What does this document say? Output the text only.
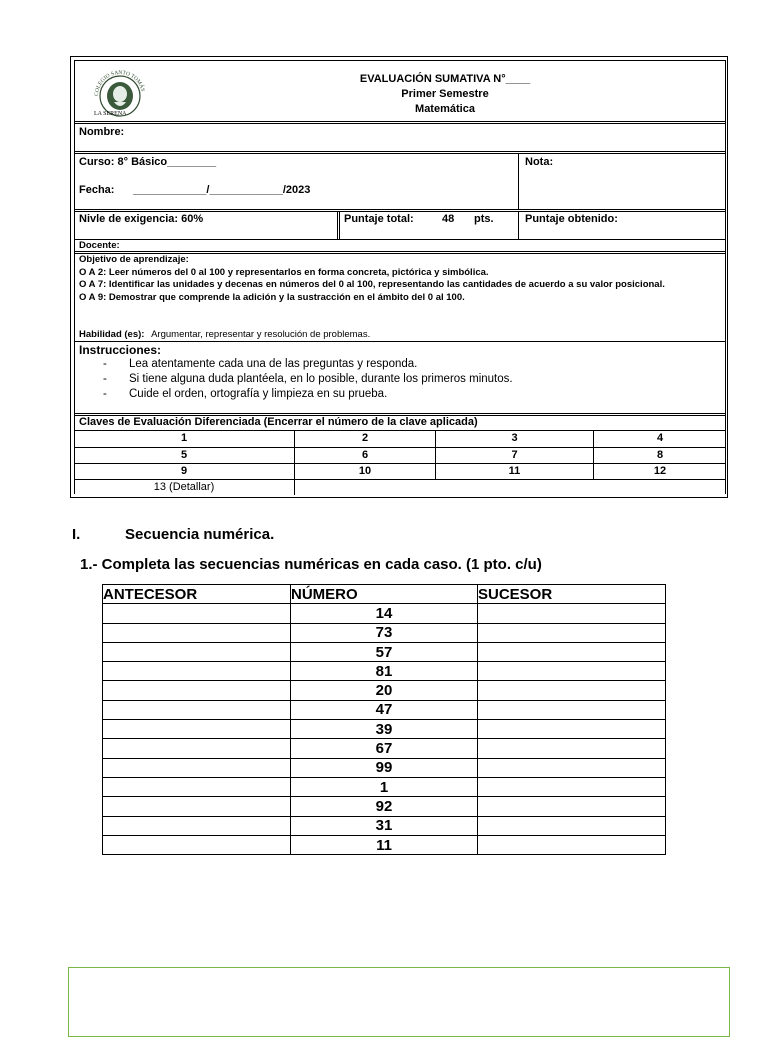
COLEGIO SANTO TOMÁS
LA SERENA
EVALUACIÓN SUMATIVA N°____
Primer Semestre
Matemática
Nombre:
Curso: 8° Básico________	Nota:
Fecha: ____________/____________/2023
Nivle de exigencia: 60%	Puntaje total:	48 pts.	Puntaje obtenido:
Docente:
Objetivo de aprendizaje:
O A 2: Leer números del 0 al 100 y representarlos en forma concreta, pictórica y simbólica.
O A 7: Identificar las unidades y decenas en números del 0 al 100, representando las cantidades de acuerdo a su valor posicional.
O A 9: Demostrar que comprende la adición y la sustracción en el ámbito del 0 al 100.
Habilidad (es): Argumentar, representar y resolución de problemas.
Instrucciones:
- Lea atentamente cada una de las preguntas y responda.
- Si tiene alguna duda plantéela, en lo posible, durante los primeros minutos.
- Cuide el orden, ortografía y limpieza en su prueba.
Claves de Evaluación Diferenciada (Encerrar el número de la clave aplicada)
1	2	3	4
5	6	7	8
9	10	11	12
13 (Detallar)			
I.	Secuencia numérica.
1.- Completa las secuencias numéricas en cada caso. (1 pto. c/u)
ANTECESOR	NÚMERO	SUCESOR
	14	
	73	
	57	
	81	
	20	
	47	
	39	
	67	
	99	
	1	
	92	
	31	
	11	
